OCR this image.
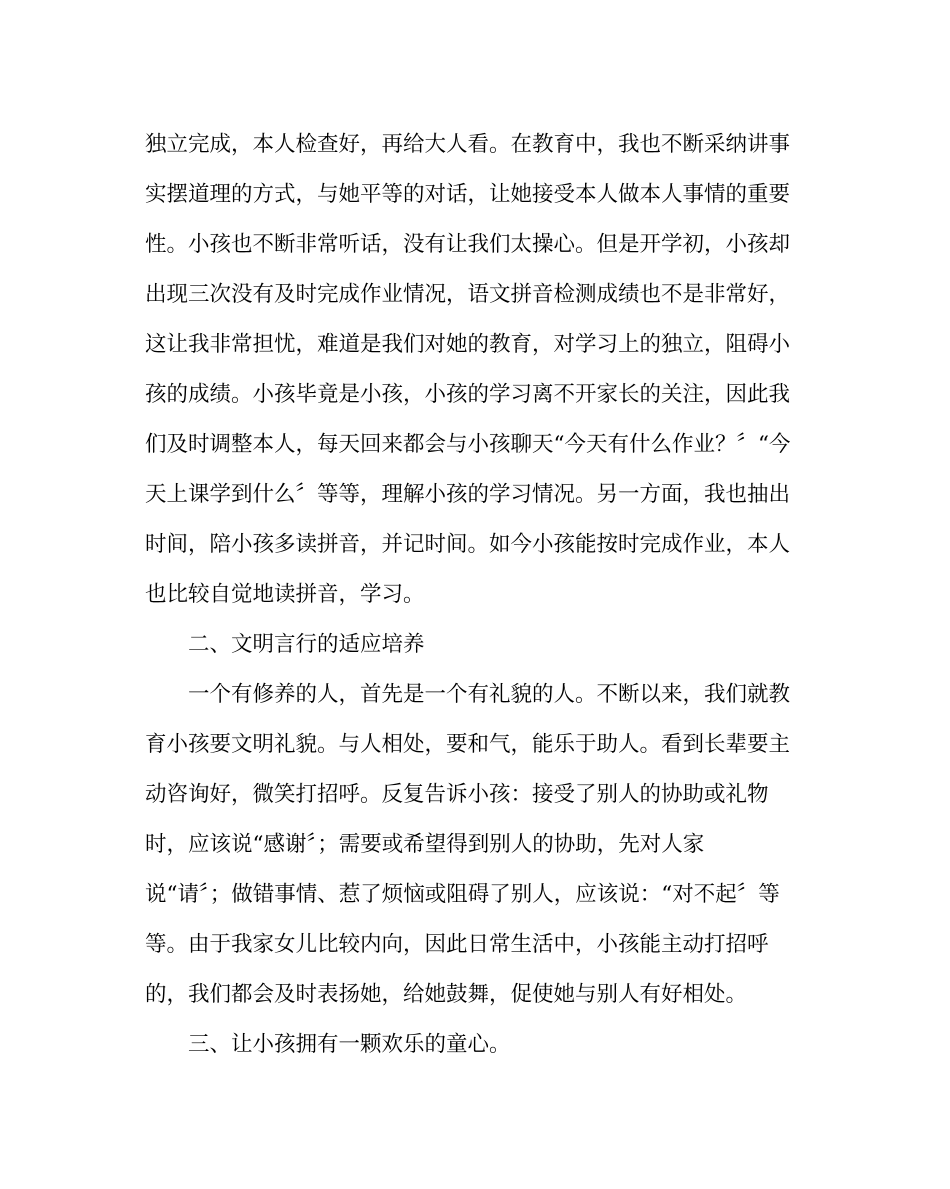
独立完成，本人检查好，再给大人看。在教育中，我也不断采纳讲事

实摆道理的方式，与她平等的对话，让她接受本人做本人事情的重要

性。小孩也不断非常听话，没有让我们太操心。但是开学初，小孩却

出现三次没有及时完成作业情况，语文拼音检测成绩也不是非常好，

这让我非常担忧，难道是我们对她的教育，对学习上的独立，阻碍小

孩的成绩。小孩毕竟是小孩，小孩的学习离不开家长的关注，因此我

们及时调整本人，每天回来都会与小孩聊天“今天有什么作业？〞“今

天上课学到什么〞等等，理解小孩的学习情况。另一方面，我也抽出

时间，陪小孩多读拼音，并记时间。如今小孩能按时完成作业，本人

也比较自觉地读拼音，学习。

二、文明言行的适应培养

一个有修养的人，首先是一个有礼貌的人。不断以来，我们就教

育小孩要文明礼貌。与人相处，要和气，能乐于助人。看到长辈要主

动咨询好，微笑打招呼。反复告诉小孩：接受了别人的协助或礼物

时，应该说“感谢〞；需要或希望得到别人的协助，先对人家

说“请〞；做错事情、惹了烦恼或阻碍了别人，应该说：“对不起〞等

等。由于我家女儿比较内向，因此日常生活中，小孩能主动打招呼

的，我们都会及时表扬她，给她鼓舞，促使她与别人有好相处。

三、让小孩拥有一颗欢乐的童心。
